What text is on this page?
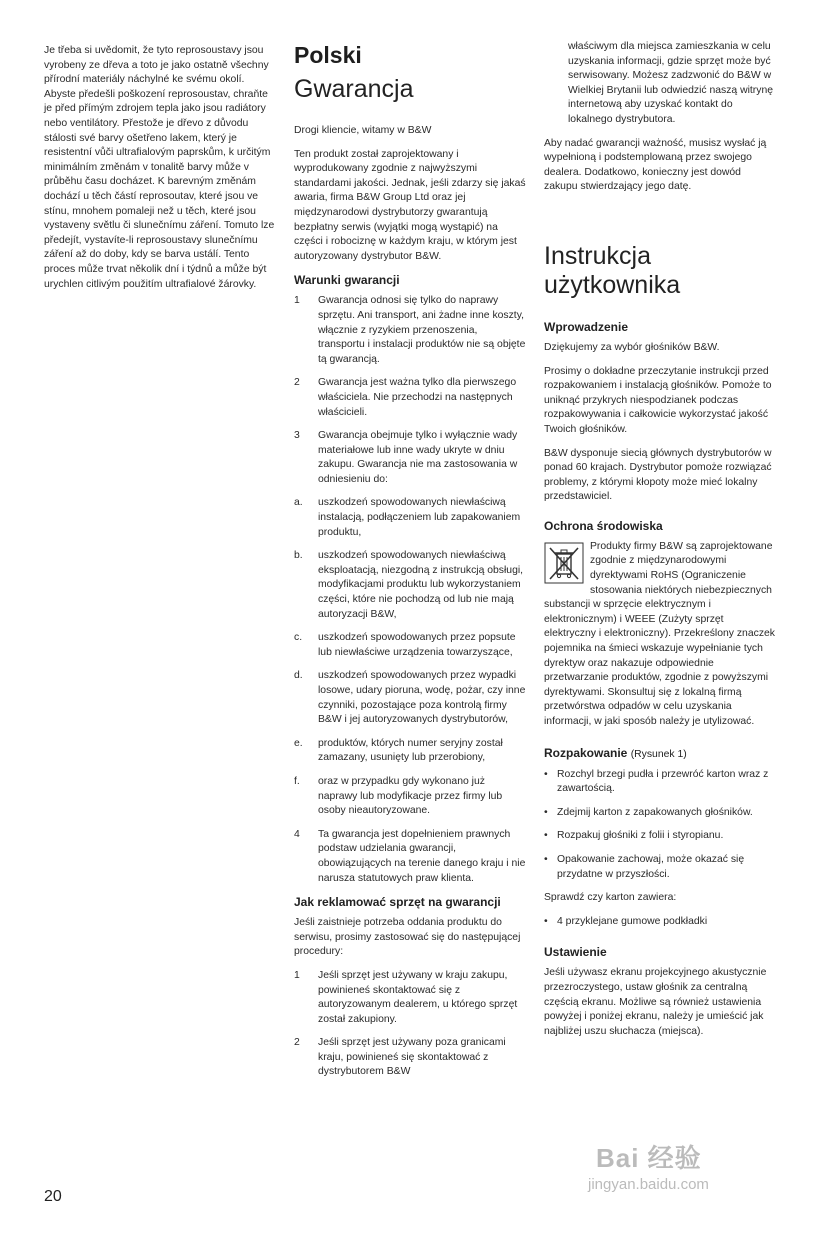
Je třeba si uvědomit, že tyto reprosoustavy jsou vyrobeny ze dřeva a toto je jako ostatně všechny přírodní materiály náchylné ke svému okolí. Abyste předešli poškození reprosoustav, chraňte je před přímým zdrojem tepla jako jsou radiátory nebo ventilátory. Přestože je dřevo z důvodu stálosti své barvy ošetřeno lakem, který je resistentní vůči ultrafialovým paprskům, k určitým minimálním změnám v tonalitě barvy může v průběhu času docházet. K barevným změnám dochází u těch částí reprosoutav, které jsou ve stínu, mnohem pomaleji než u těch, které jsou vystaveny světlu či slunečnímu záření. Tomuto lze předejít, vystavíte-li reprosoustavy slunečnímu záření až do doby, kdy se barva ustálí. Tento proces může trvat několik dní i týdnů a může být urychlen citlivým použitím ultrafialové žárovky.

Polski
Gwarancja

Drogi kliencie, witamy w B&W

Ten produkt został zaprojektowany i wyprodukowany zgodnie z najwyższymi standardami jakości. Jednak, jeśli zdarzy się jakaś awaria, firma B&W Group Ltd oraz jej międzynarodowi dystrybutorzy gwarantują bezpłatny serwis (wyjątki mogą wystąpić) na części i robociznę w każdym kraju, w którym jest autoryzowany dystrybutor B&W.

Warunki gwarancji
1	Gwarancja odnosi się tylko do naprawy sprzętu. Ani transport, ani żadne inne koszty, włącznie z ryzykiem przenoszenia, transportu i instalacji produktów nie są objęte tą gwarancją.
2	Gwarancja jest ważna tylko dla pierwszego właściciela. Nie przechodzi na następnych właścicieli.
3	Gwarancja obejmuje tylko i wyłącznie wady materiałowe lub inne wady ukryte w dniu zakupu. Gwarancja nie ma zastosowania w odniesieniu do:
a.	uszkodzeń spowodowanych niewłaściwą instalacją, podłączeniem lub zapakowaniem produktu,
b.	uszkodzeń spowodowanych niewłaściwą eksploatacją, niezgodną z instrukcją obsługi, modyfikacjami produktu lub wykorzystaniem części, które nie pochodzą od lub nie mają autoryzacji B&W,
c.	uszkodzeń spowodowanych przez popsute lub niewłaściwe urządzenia towarzyszące,
d.	uszkodzeń spowodowanych przez wypadki losowe, udary pioruna, wodę, pożar, czy inne czynniki, pozostające poza kontrolą firmy B&W i jej autoryzowanych dystrybutorów,
e.	produktów, których numer seryjny został zamazany, usunięty lub przerobiony,
f.	oraz w przypadku gdy wykonano już naprawy lub modyfikacje przez firmy lub osoby nieautoryzowane.
4	Ta gwarancja jest dopełnieniem prawnych podstaw udzielania gwarancji, obowiązujących na terenie danego kraju i nie narusza statutowych praw klienta.
Jak reklamować sprzęt na gwarancji

Jeśli zaistnieje potrzeba oddania produktu do serwisu, prosimy zastosować się do następującej procedury:

1	Jeśli sprzęt jest używany w kraju zakupu, powinieneś skontaktować się z autoryzowanym dealerem, u którego sprzęt został zakupiony.
2	Jeśli sprzęt jest używany poza granicami kraju, powinieneś się skontaktować z dystrybutorem B&W
właściwym dla miejsca zamieszkania w celu uzyskania informacji, gdzie sprzęt może być serwisowany. Możesz zadzwonić do B&W w Wielkiej Brytanii lub odwiedzić naszą witrynę internetową aby uzyskać kontakt do lokalnego dystrybutora.

Aby nadać gwarancji ważność, musisz wysłać ją wypełnioną i podstemplowaną przez swojego dealera. Dodatkowo, konieczny jest dowód zakupu stwierdzający jego datę.

Instrukcja użytkownika
Wprowadzenie

Dziękujemy za wybór głośników B&W.

Prosimy o dokładne przeczytanie instrukcji przed rozpakowaniem i instalacją głośników. Pomoże to uniknąć przykrych niespodzianek podczas rozpakowywania i całkowicie wykorzystać jakość Twoich głośników.

B&W dysponuje siecią głównych dystrybutorów w ponad 60 krajach. Dystrybutor pomoże rozwiązać problemy, z którymi kłopoty może mieć lokalny przedstawiciel.

Ochrona środowiska

Produkty firmy B&W są zaprojektowane zgodnie z międzynarodowymi dyrektywami RoHS (Ograniczenie stosowania niektórych niebezpiecznych substancji w sprzęcie elektrycznym i elektronicznym) i WEEE (Zużyty sprzęt elektryczny i elektroniczny). Przekreślony znaczek pojemnika na śmieci wskazuje wypełnianie tych dyrektyw oraz nakazuje odpowiednie przetwarzanie produktów, zgodnie z powyższymi dyrektywami. Skonsultuj się z lokalną firmą przetwórstwa odpadów w celu uzyskania informacji, w jaki sposób należy je utylizować.

Rozpakowanie (Rysunek 1)
• Rozchyl brzegi pudła i przewróć karton wraz z zawartością.
• Zdejmij karton z zapakowanych głośników.
• Rozpakuj głośniki z folii i styropianu.
• Opakowanie zachowaj, może okazać się przydatne w przyszłości.

Sprawdź czy karton zawiera:

• 4 przyklejane gumowe podkładki
Ustawienie

Jeśli używasz ekranu projekcyjnego akustycznie przezroczystego, ustaw głośnik za centralną częścią ekranu. Możliwe są również ustawienia powyżej i poniżej ekranu, należy je umieścić jak najbliżej uszu słuchacza (miejsca).

20
Bai 经验
jingyan.baidu.com
